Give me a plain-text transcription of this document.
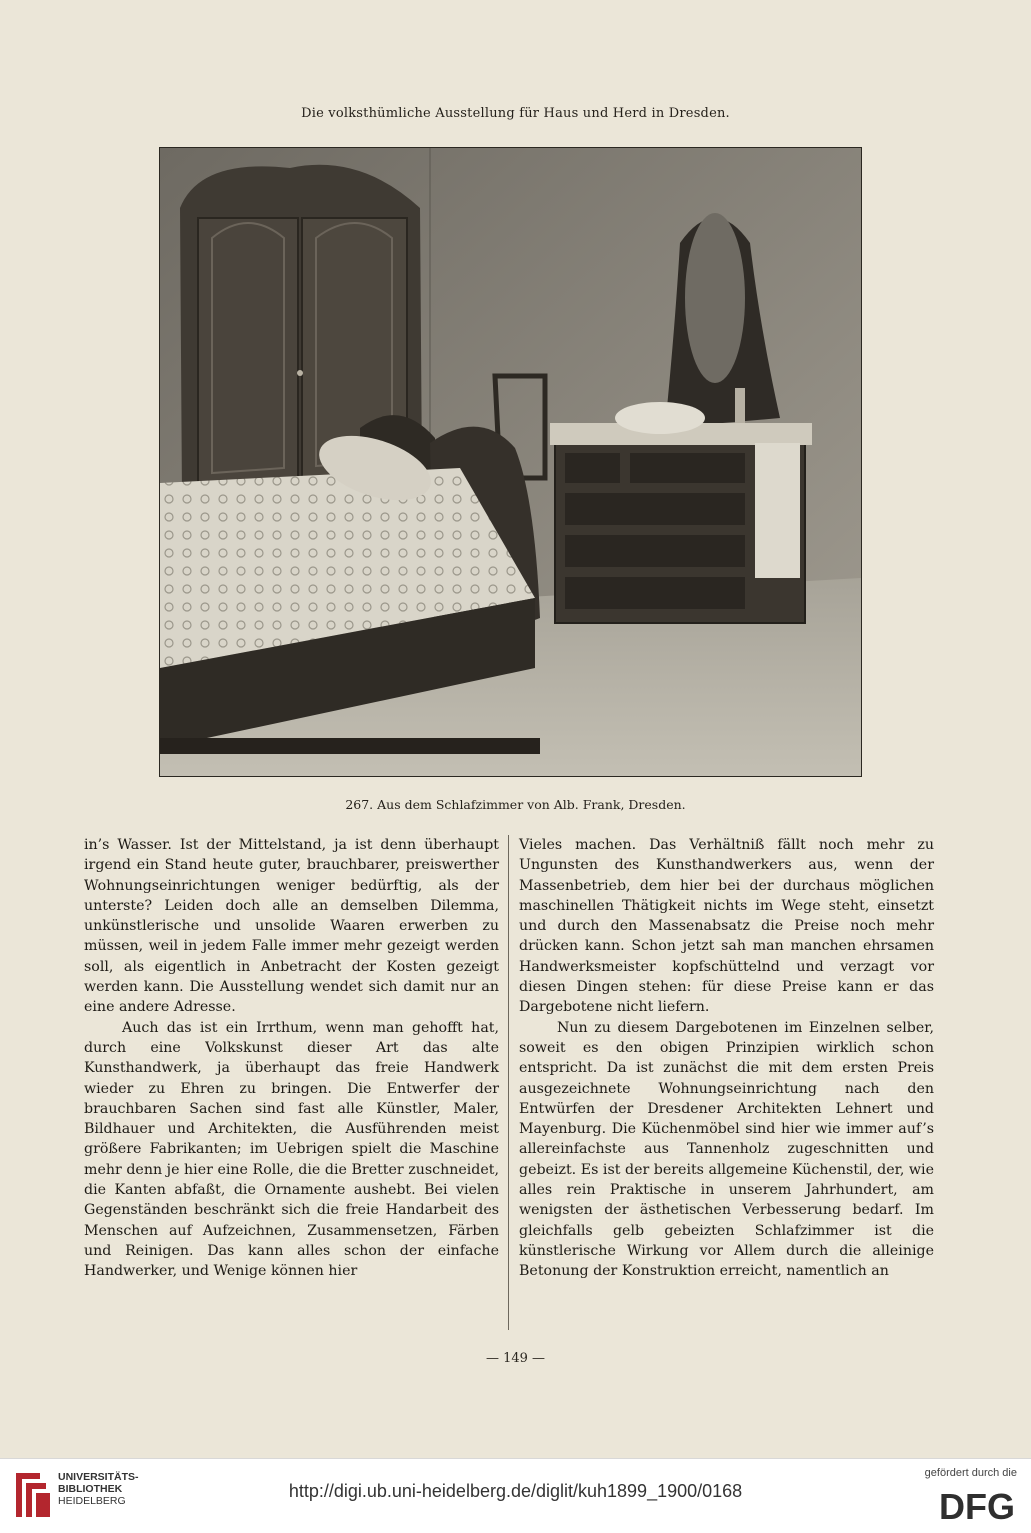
Die volksthümliche Ausstellung für Haus und Herd in Dresden.
267. Aus dem Schlafzimmer von Alb. Frank, Dresden.

in’s Wasser. Ist der Mittelstand, ja ist denn überhaupt irgend ein Stand heute guter, brauchbarer, preiswerther Wohnungseinrichtungen weniger bedürftig, als der unterste? Leiden doch alle an demselben Dilemma, unkünstlerische und unsolide Waaren erwerben zu müssen, weil in jedem Falle immer mehr gezeigt werden soll, als eigentlich in Anbetracht der Kosten gezeigt werden kann. Die Ausstellung wendet sich damit nur an eine andere Adresse.

Auch das ist ein Irrthum, wenn man gehofft hat, durch eine Volkskunst dieser Art das alte Kunsthandwerk, ja überhaupt das freie Handwerk wieder zu Ehren zu bringen. Die Entwerfer der brauchbaren Sachen sind fast alle Künstler, Maler, Bildhauer und Architekten, die Ausführenden meist größere Fabrikanten; im Uebrigen spielt die Maschine mehr denn je hier eine Rolle, die die Bretter zuschneidet, die Kanten abfaßt, die Ornamente aushebt. Bei vielen Gegenständen beschränkt sich die freie Handarbeit des Menschen auf Aufzeichnen, Zusammensetzen, Färben und Reinigen. Das kann alles schon der einfache Handwerker, und Wenige können hier

Vieles machen. Das Verhältniß fällt noch mehr zu Ungunsten des Kunsthandwerkers aus, wenn der Massenbetrieb, dem hier bei der durchaus möglichen maschinellen Thätigkeit nichts im Wege steht, einsetzt und durch den Massenabsatz die Preise noch mehr drücken kann. Schon jetzt sah man manchen ehrsamen Handwerksmeister kopfschüttelnd und verzagt vor diesen Dingen stehen: für diese Preise kann er das Dargebotene nicht liefern.

Nun zu diesem Dargebotenen im Einzelnen selber, soweit es den obigen Prinzipien wirklich schon entspricht. Da ist zunächst die mit dem ersten Preis ausgezeichnete Wohnungseinrichtung nach den Entwürfen der Dresdener Architekten Lehnert und Mayenburg. Die Küchenmöbel sind hier wie immer auf’s allereinfachste aus Tannenholz zugeschnitten und gebeizt. Es ist der bereits allgemeine Küchenstil, der, wie alles rein Praktische in unserem Jahrhundert, am wenigsten der ästhetischen Verbesserung bedarf. Im gleichfalls gelb gebeizten Schlafzimmer ist die künstlerische Wirkung vor Allem durch die alleinige Betonung der Konstruktion erreicht, namentlich an

— 149 —
UNIVERSITÄTS-
BIBLIOTHEK
HEIDELBERG	http://digi.ub.uni-heidelberg.de/diglit/kuh1899_1900/0168
gefördert durch die
DFG
